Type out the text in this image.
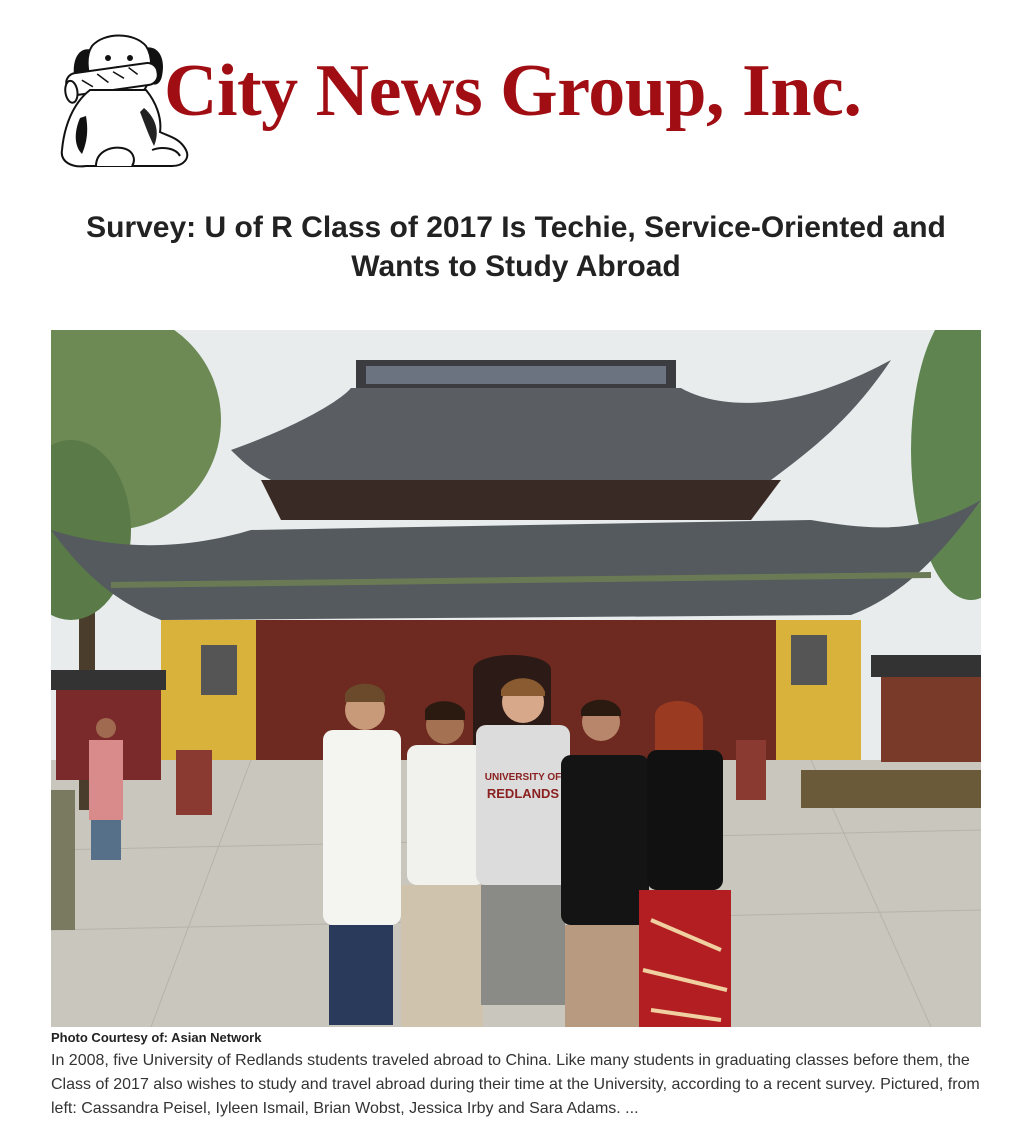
City News Group, Inc.
Survey: U of R Class of 2017 Is Techie, Service-Oriented and Wants to Study Abroad
UNIVERSITY OF
REDLANDS
Photo Courtesy of: Asian Network

In 2008, five University of Redlands students traveled abroad to China. Like many students in graduating classes before them, the Class of 2017 also wishes to study and travel abroad during their time at the University, according to a recent survey. Pictured, from left: Cassandra Peisel, Iyleen Ismail, Brian Wobst, Jessica Irby and Sara Adams. ...
